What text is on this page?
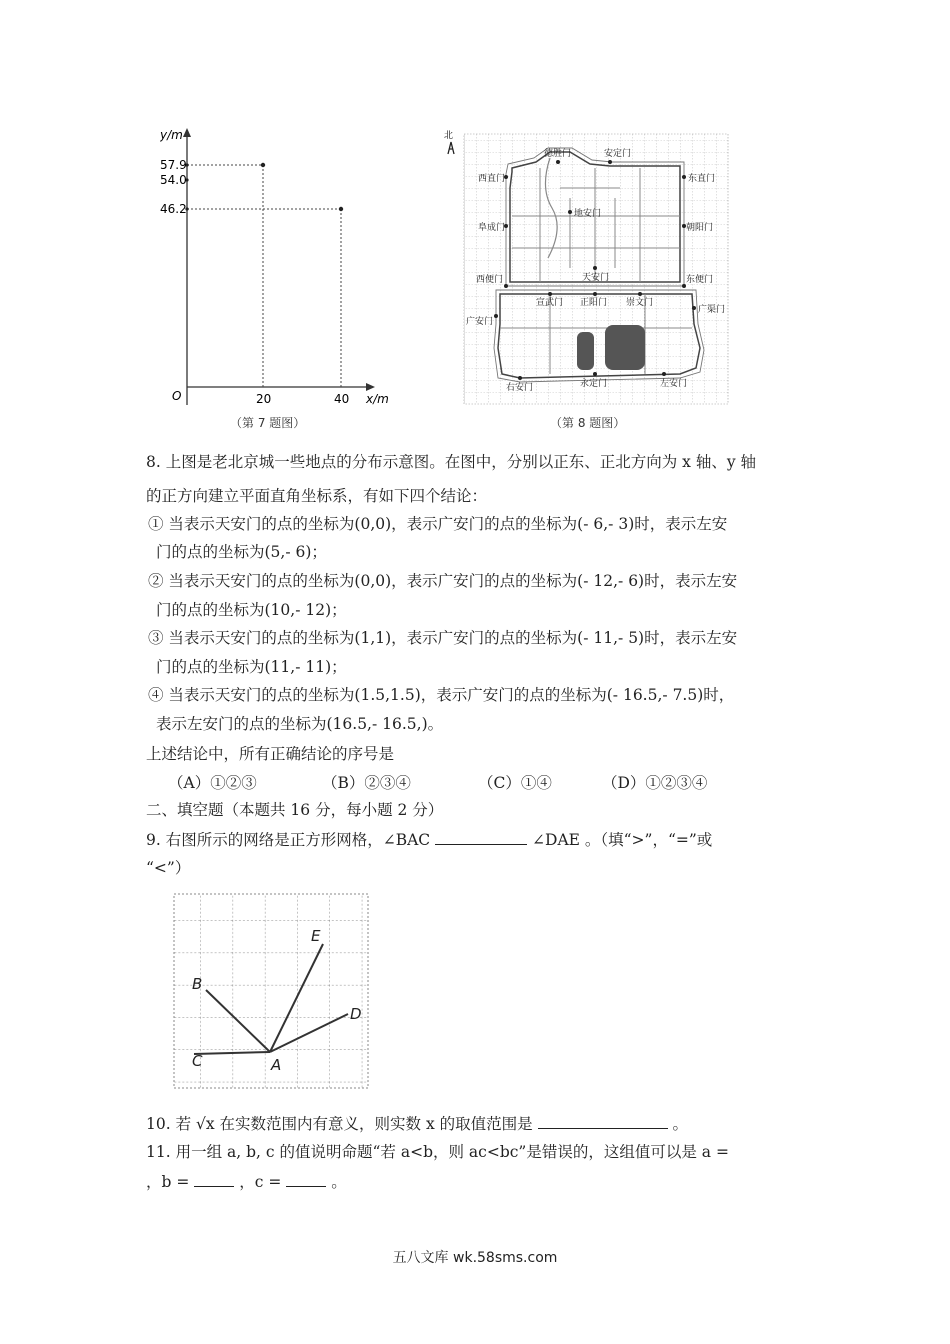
y/m
57.9
54.0
46.2
O	20	40 x/m
（第 7 题图）
北
德胜门	安定门
西直门	东直门
地安门
阜成门	朝阳门
天安门
西便门	东便门
宣武门 正阳门 崇文门
广渠门
广安门
右安门	永定门	左安门
（第 8 题图）
8. 上图是老北京城一些地点的分布示意图。在图中，分别以正东、正北方向为 x 轴、y 轴
的正方向建立平面直角坐标系，有如下四个结论：
① 当表示天安门的点的坐标为(0,0)，表示广安门的点的坐标为(- 6,- 3)时，表示左安
门的点的坐标为(5,- 6)；
② 当表示天安门的点的坐标为(0,0)，表示广安门的点的坐标为(- 12,- 6)时，表示左安
门的点的坐标为(10,- 12)；
③ 当表示天安门的点的坐标为(1,1)，表示广安门的点的坐标为(- 11,- 5)时，表示左安
门的点的坐标为(11,- 11)；
④ 当表示天安门的点的坐标为(1.5,1.5)，表示广安门的点的坐标为(- 16.5,- 7.5)时，
表示左安门的点的坐标为(16.5,- 16.5,)。
上述结论中，所有正确结论的序号是
（A）①②③	（B）②③④	（C）①④	（D）①②③④
二、填空题（本题共 16 分，每小题 2 分）
9. 右图所示的网络是正方形网格，∠BAC	∠DAE 。（填“>”，“=”或
“<”）
B
C	A
E
D
10. 若 √x 在实数范围内有意义，则实数 x 的取值范围是	。
11. 用一组 a, b, c 的值说明命题“若 a<b，则 ac<bc”是错误的，这组值可以是 a =
，b =	，c =	。
五八文库 wk.58sms.com
